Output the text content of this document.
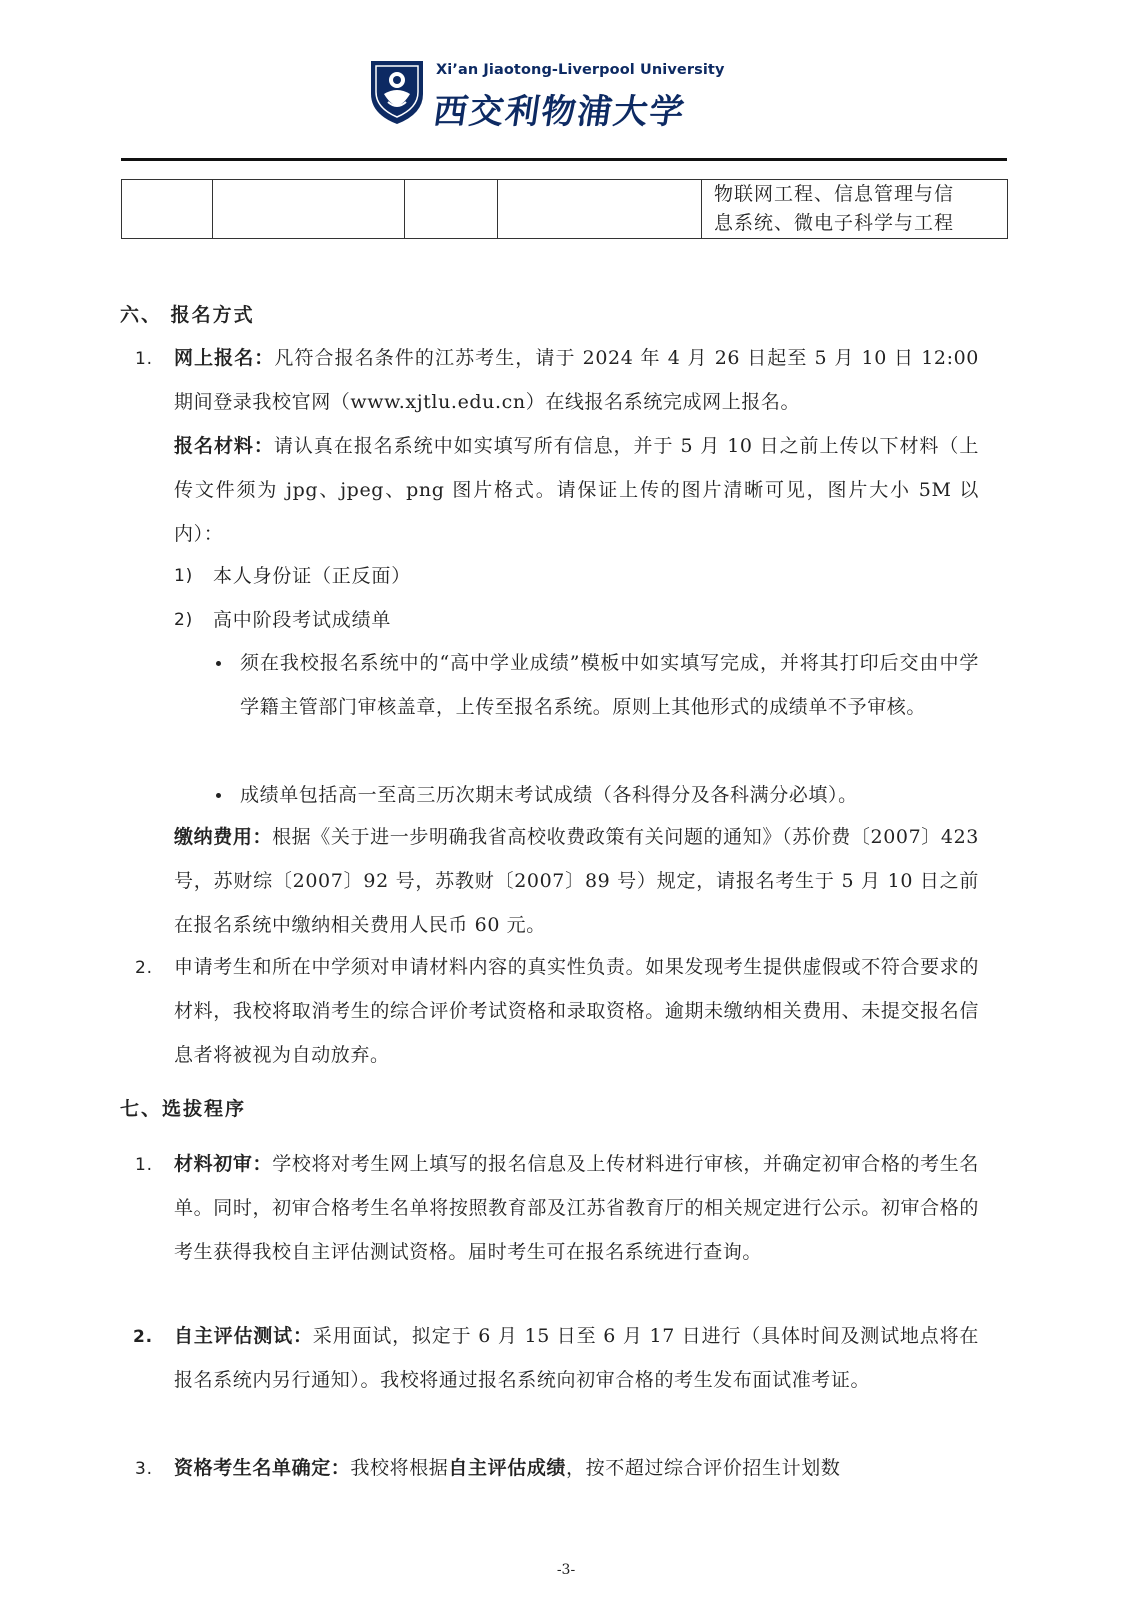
Xi’an Jiaotong-Liverpool University
西交利物浦大学

物联网工程、信息管理与信
息系统、微电子科学与工程
六、 报名方式
1. 网上报名：凡符合报名条件的江苏考生，请于 2024 年 4 月 26 日起至 5 月 10 日 12:00 期间登录我校官网（www.xjtlu.edu.cn）在线报名系统完成网上报名。
报名材料：请认真在报名系统中如实填写所有信息，并于 5 月 10 日之前上传以下材料（上传文件须为 jpg、jpeg、png 图片格式。请保证上传的图片清晰可见，图片大小 5M 以内）：
1) 本人身份证（正反面）
2) 高中阶段考试成绩单
须在我校报名系统中的“高中学业成绩”模板中如实填写完成，并将其打印后交由中学学籍主管部门审核盖章，上传至报名系统。原则上其他形式的成绩单不予审核。
成绩单包括高一至高三历次期末考试成绩（各科得分及各科满分必填）。
缴纳费用：根据《关于进一步明确我省高校收费政策有关问题的通知》（苏价费〔2007〕423 号，苏财综〔2007〕92 号，苏教财〔2007〕89 号）规定，请报名考生于 5 月 10 日之前在报名系统中缴纳相关费用人民币 60 元。
2. 申请考生和所在中学须对申请材料内容的真实性负责。如果发现考生提供虚假或不符合要求的材料，我校将取消考生的综合评价考试资格和录取资格。逾期未缴纳相关费用、未提交报名信息者将被视为自动放弃。
七、选拔程序
1. 材料初审：学校将对考生网上填写的报名信息及上传材料进行审核，并确定初审合格的考生名单。同时，初审合格考生名单将按照教育部及江苏省教育厅的相关规定进行公示。初审合格的考生获得我校自主评估测试资格。届时考生可在报名系统进行查询。
2. 自主评估测试：采用面试，拟定于 6 月 15 日至 6 月 17 日进行（具体时间及测试地点将在报名系统内另行通知）。我校将通过报名系统向初审合格的考生发布面试准考证。
3. 资格考生名单确定：我校将根据自主评估成绩，按不超过综合评价招生计划数
-3-
